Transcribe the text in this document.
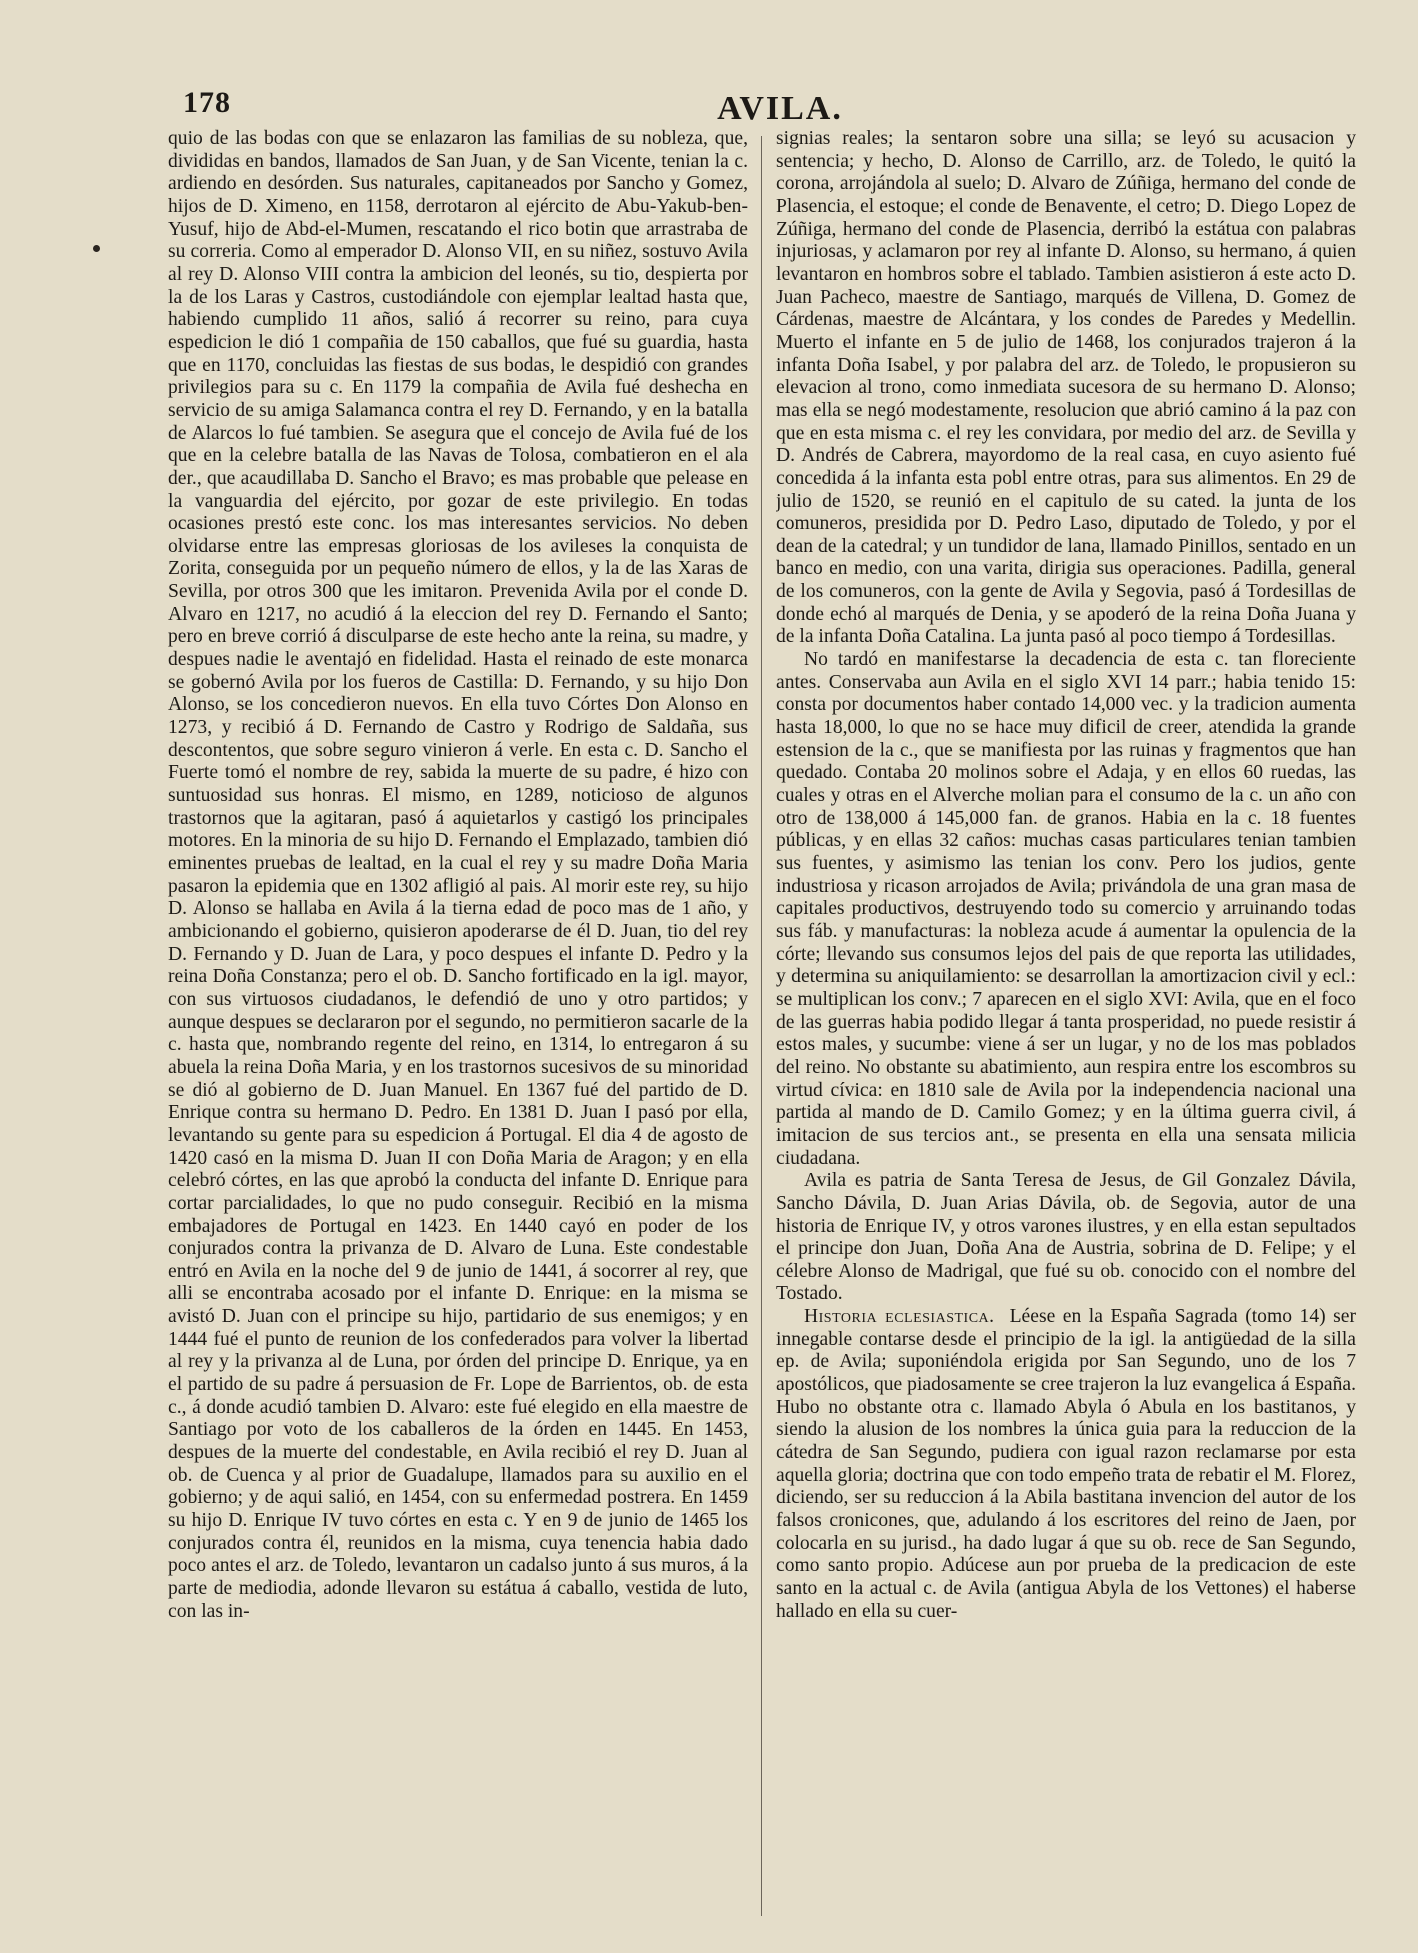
178	AVILA.

quio de las bodas con que se enlazaron las familias de su nobleza, que, divididas en bandos, llamados de San Juan, y de San Vicente, tenian la c. ardiendo en desórden. Sus naturales, capitaneados por Sancho y Gomez, hijos de D. Ximeno, en 1158, derrotaron al ejército de Abu-Yakub-ben-Yusuf, hijo de Abd-el-Mumen, rescatando el rico botin que arrastraba de su correria. Como al emperador D. Alonso VII, en su niñez, sostuvo Avila al rey D. Alonso VIII contra la ambicion del leonés, su tio, despierta por la de los Laras y Castros, custodiándole con ejemplar lealtad hasta que, habiendo cumplido 11 años, salió á recorrer su reino, para cuya espedicion le dió 1 compañia de 150 caballos, que fué su guardia, hasta que en 1170, concluidas las fiestas de sus bodas, le despidió con grandes privilegios para su c. En 1179 la compañia de Avila fué deshecha en servicio de su amiga Salamanca contra el rey D. Fernando, y en la batalla de Alarcos lo fué tambien. Se asegura que el concejo de Avila fué de los que en la celebre batalla de las Navas de Tolosa, combatieron en el ala der., que acaudillaba D. Sancho el Bravo; es mas probable que pelease en la vanguardia del ejército, por gozar de este privilegio. En todas ocasiones prestó este conc. los mas interesantes servicios. No deben olvidarse entre las empresas gloriosas de los avileses la conquista de Zorita, conseguida por un pequeño número de ellos, y la de las Xaras de Sevilla, por otros 300 que les imitaron. Prevenida Avila por el conde D. Alvaro en 1217, no acudió á la eleccion del rey D. Fernando el Santo; pero en breve corrió á disculparse de este hecho ante la reina, su madre, y despues nadie le aventajó en fidelidad. Hasta el reinado de este monarca se gobernó Avila por los fueros de Castilla: D. Fernando, y su hijo Don Alonso, se los concedieron nuevos. En ella tuvo Córtes Don Alonso en 1273, y recibió á D. Fernando de Castro y Rodrigo de Saldaña, sus descontentos, que sobre seguro vinieron á verle. En esta c. D. Sancho el Fuerte tomó el nombre de rey, sabida la muerte de su padre, é hizo con suntuosidad sus honras. El mismo, en 1289, noticioso de algunos trastornos que la agitaran, pasó á aquietarlos y castigó los principales motores. En la minoria de su hijo D. Fernando el Emplazado, tambien dió eminentes pruebas de lealtad, en la cual el rey y su madre Doña Maria pasaron la epidemia que en 1302 afligió al pais. Al morir este rey, su hijo D. Alonso se hallaba en Avila á la tierna edad de poco mas de 1 año, y ambicionando el gobierno, quisieron apoderarse de él D. Juan, tio del rey D. Fernando y D. Juan de Lara, y poco despues el infante D. Pedro y la reina Doña Constanza; pero el ob. D. Sancho fortificado en la igl. mayor, con sus virtuosos ciudadanos, le defendió de uno y otro partidos; y aunque despues se declararon por el segundo, no permitieron sacarle de la c. hasta que, nombrando regente del reino, en 1314, lo entregaron á su abuela la reina Doña Maria, y en los trastornos sucesivos de su minoridad se dió al gobierno de D. Juan Manuel. En 1367 fué del partido de D. Enrique contra su hermano D. Pedro. En 1381 D. Juan I pasó por ella, levantando su gente para su espedicion á Portugal. El dia 4 de agosto de 1420 casó en la misma D. Juan II con Doña Maria de Aragon; y en ella celebró córtes, en las que aprobó la conducta del infante D. Enrique para cortar parcialidades, lo que no pudo conseguir. Recibió en la misma embajadores de Portugal en 1423. En 1440 cayó en poder de los conjurados contra la privanza de D. Alvaro de Luna. Este condestable entró en Avila en la noche del 9 de junio de 1441, á socorrer al rey, que alli se encontraba acosado por el infante D. Enrique: en la misma se avistó D. Juan con el principe su hijo, partidario de sus enemigos; y en 1444 fué el punto de reunion de los confederados para volver la libertad al rey y la privanza al de Luna, por órden del principe D. Enrique, ya en el partido de su padre á persuasion de Fr. Lope de Barrientos, ob. de esta c., á donde acudió tambien D. Alvaro: este fué elegido en ella maestre de Santiago por voto de los caballeros de la órden en 1445. En 1453, despues de la muerte del condestable, en Avila recibió el rey D. Juan al ob. de Cuenca y al prior de Guadalupe, llamados para su auxilio en el gobierno; y de aqui salió, en 1454, con su enfermedad postrera. En 1459 su hijo D. Enrique IV tuvo córtes en esta c. Y en 9 de junio de 1465 los conjurados contra él, reunidos en la misma, cuya tenencia habia dado poco antes el arz. de Toledo, levantaron un cadalso junto á sus muros, á la parte de mediodia, adonde llevaron su estátua á caballo, vestida de luto, con las in-

signias reales; la sentaron sobre una silla; se leyó su acusacion y sentencia; y hecho, D. Alonso de Carrillo, arz. de Toledo, le quitó la corona, arrojándola al suelo; D. Alvaro de Zúñiga, hermano del conde de Plasencia, el estoque; el conde de Benavente, el cetro; D. Diego Lopez de Zúñiga, hermano del conde de Plasencia, derribó la estátua con palabras injuriosas, y aclamaron por rey al infante D. Alonso, su hermano, á quien levantaron en hombros sobre el tablado. Tambien asistieron á este acto D. Juan Pacheco, maestre de Santiago, marqués de Villena, D. Gomez de Cárdenas, maestre de Alcántara, y los condes de Paredes y Medellin. Muerto el infante en 5 de julio de 1468, los conjurados trajeron á la infanta Doña Isabel, y por palabra del arz. de Toledo, le propusieron su elevacion al trono, como inmediata sucesora de su hermano D. Alonso; mas ella se negó modestamente, resolucion que abrió camino á la paz con que en esta misma c. el rey les convidara, por medio del arz. de Sevilla y D. Andrés de Cabrera, mayordomo de la real casa, en cuyo asiento fué concedida á la infanta esta pobl entre otras, para sus alimentos. En 29 de julio de 1520, se reunió en el capitulo de su cated. la junta de los comuneros, presidida por D. Pedro Laso, diputado de Toledo, y por el dean de la catedral; y un tundidor de lana, llamado Pinillos, sentado en un banco en medio, con una varita, dirigia sus operaciones. Padilla, general de los comuneros, con la gente de Avila y Segovia, pasó á Tordesillas de donde echó al marqués de Denia, y se apoderó de la reina Doña Juana y de la infanta Doña Catalina. La junta pasó al poco tiempo á Tordesillas.

No tardó en manifestarse la decadencia de esta c. tan floreciente antes. Conservaba aun Avila en el siglo XVI 14 parr.; habia tenido 15: consta por documentos haber contado 14,000 vec. y la tradicion aumenta hasta 18,000, lo que no se hace muy dificil de creer, atendida la grande estension de la c., que se manifiesta por las ruinas y fragmentos que han quedado. Contaba 20 molinos sobre el Adaja, y en ellos 60 ruedas, las cuales y otras en el Alverche molian para el consumo de la c. un año con otro de 138,000 á 145,000 fan. de granos. Habia en la c. 18 fuentes públicas, y en ellas 32 caños: muchas casas particulares tenian tambien sus fuentes, y asimismo las tenian los conv. Pero los judios, gente industriosa y ricason arrojados de Avila; privándola de una gran masa de capitales productivos, destruyendo todo su comercio y arruinando todas sus fáb. y manufacturas: la nobleza acude á aumentar la opulencia de la córte; llevando sus consumos lejos del pais de que reporta las utilidades, y determina su aniquilamiento: se desarrollan la amortizacion civil y ecl.: se multiplican los conv.; 7 aparecen en el siglo XVI: Avila, que en el foco de las guerras habia podido llegar á tanta prosperidad, no puede resistir á estos males, y sucumbe: viene á ser un lugar, y no de los mas poblados del reino. No obstante su abatimiento, aun respira entre los escombros su virtud cívica: en 1810 sale de Avila por la independencia nacional una partida al mando de D. Camilo Gomez; y en la última guerra civil, á imitacion de sus tercios ant., se presenta en ella una sensata milicia ciudadana.

Avila es patria de Santa Teresa de Jesus, de Gil Gonzalez Dávila, Sancho Dávila, D. Juan Arias Dávila, ob. de Segovia, autor de una historia de Enrique IV, y otros varones ilustres, y en ella estan sepultados el principe don Juan, Doña Ana de Austria, sobrina de D. Felipe; y el célebre Alonso de Madrigal, que fué su ob. conocido con el nombre del Tostado.

Historia eclesiastica. Léese en la España Sagrada (tomo 14) ser innegable contarse desde el principio de la igl. la antigüedad de la silla ep. de Avila; suponiéndola erigida por San Segundo, uno de los 7 apostólicos, que piadosamente se cree trajeron la luz evangelica á España. Hubo no obstante otra c. llamado Abyla ó Abula en los bastitanos, y siendo la alusion de los nombres la única guia para la reduccion de la cátedra de San Segundo, pudiera con igual razon reclamarse por esta aquella gloria; doctrina que con todo empeño trata de rebatir el M. Florez, diciendo, ser su reduccion á la Abila bastitana invencion del autor de los falsos cronicones, que, adulando á los escritores del reino de Jaen, por colocarla en su jurisd., ha dado lugar á que su ob. rece de San Segundo, como santo propio. Adúcese aun por prueba de la predicacion de este santo en la actual c. de Avila (antigua Abyla de los Vettones) el haberse hallado en ella su cuer-
